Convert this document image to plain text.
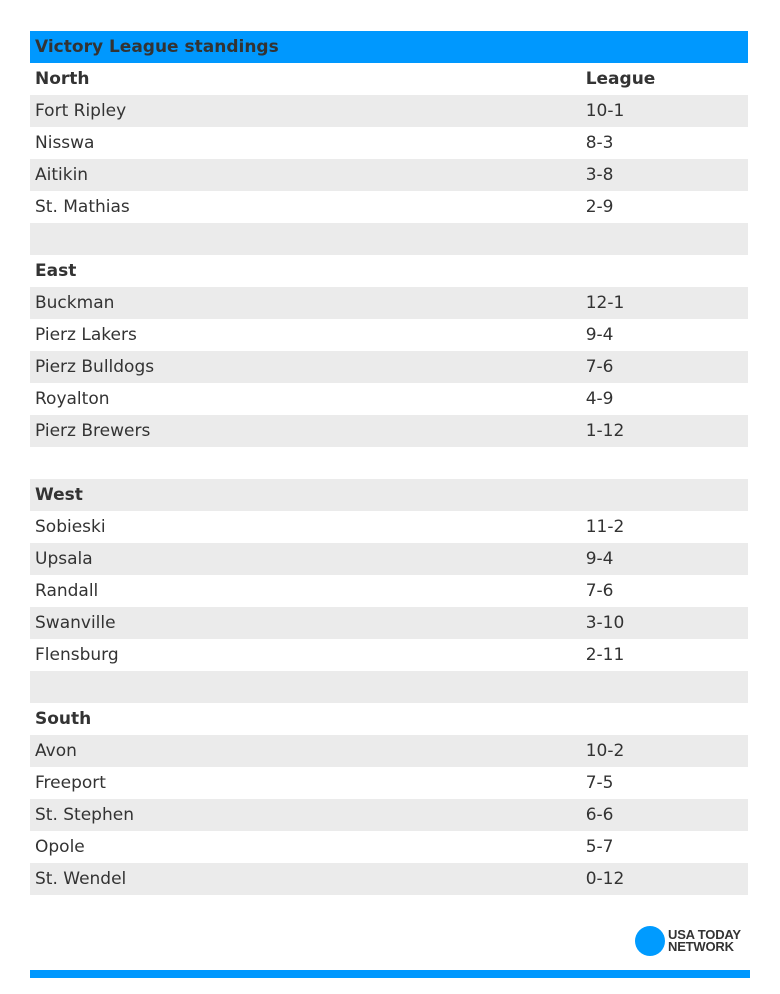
Victory League standings
North	League
Fort Ripley	10-1
Nisswa	8-3
Aitikin	3-8
St. Mathias	2-9
East
Buckman	12-1
Pierz Lakers	9-4
Pierz Bulldogs	7-6
Royalton	4-9
Pierz Brewers	1-12
West
Sobieski	11-2
Upsala	9-4
Randall	7-6
Swanville	3-10
Flensburg	2-11
South
Avon	10-2
Freeport	7-5
St. Stephen	6-6
Opole	5-7
St. Wendel	0-12
USA TODAY
NETWORK
